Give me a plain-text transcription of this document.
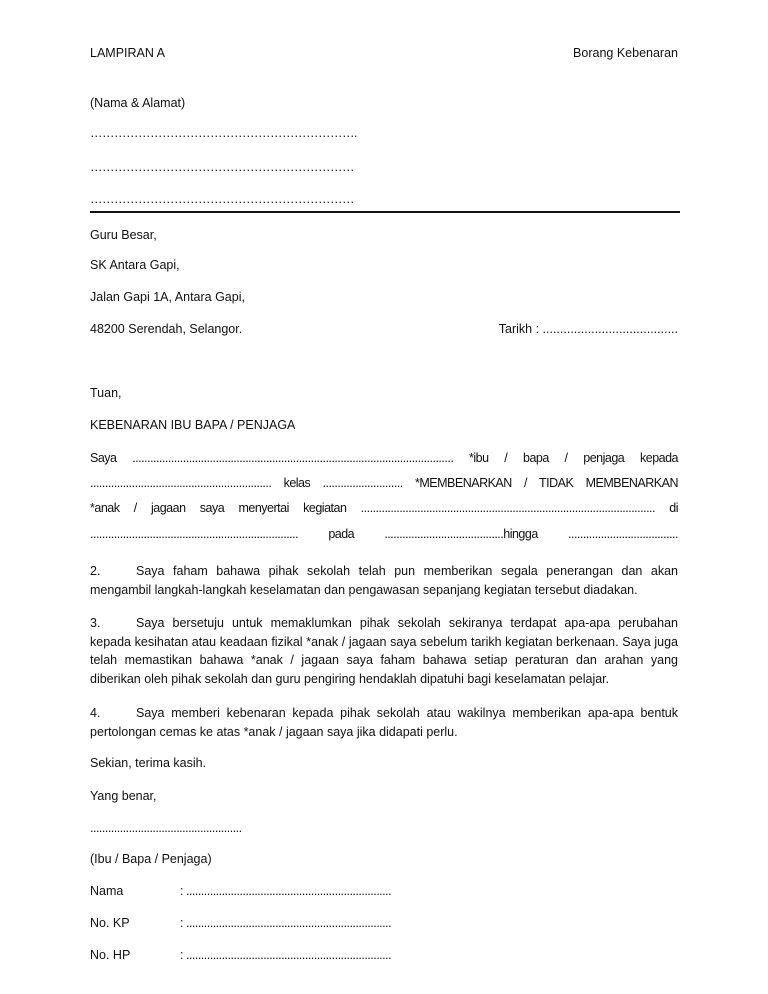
LAMPIRAN A	Borang Kebenaran
(Nama & Alamat)
………………………………………………………….
…………………………………………………………
…………………………………………………………
Guru Besar,
SK Antara Gapi,
Jalan Gapi 1A, Antara Gapi,
48200 Serendah, Selangor.	Tarikh : .......................................
Tuan,
KEBENARAN IBU BAPA / PENJAGA
Saya ............................................................................................................ *ibu / bapa / penjaga kepada
............................................................. kelas ........................... *MEMBENARKAN / TIDAK MEMBENARKAN
*anak / jagaan saya menyertai kegiatan ................................................................................................... di
...................................................................... pada ........................................hingga .....................................
2.	Saya faham bahawa pihak sekolah telah pun memberikan segala penerangan dan akan mengambil langkah-langkah keselamatan dan pengawasan sepanjang kegiatan tersebut diadakan.
3.	Saya bersetuju untuk memaklumkan pihak sekolah sekiranya terdapat apa-apa perubahan kepada kesihatan atau keadaan fizikal *anak / jagaan saya sebelum tarikh kegiatan berkenaan. Saya juga telah memastikan bahawa *anak / jagaan saya faham bahawa setiap peraturan dan arahan yang diberikan oleh pihak sekolah dan guru pengiring hendaklah dipatuhi bagi keselamatan pelajar.
4.	Saya memberi kebenaran kepada pihak sekolah atau wakilnya memberikan apa-apa bentuk pertolongan cemas ke atas *anak / jagaan saya jika didapati perlu.
Sekian, terima kasih.
Yang benar,
...................................................
(Ibu / Bapa / Penjaga)
Nama	: .....................................................................
No. KP	: .....................................................................
No. HP	: .....................................................................
